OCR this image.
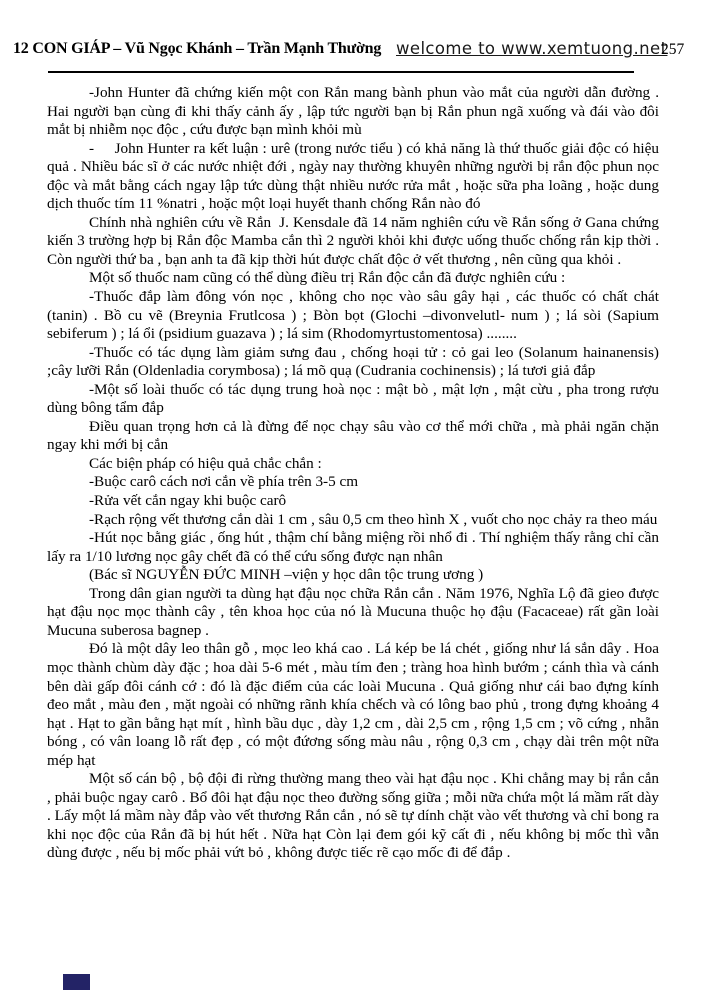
12 CON GIÁP – Vũ Ngọc Khánh – Trần Mạnh Thường welcome to www.xemtuong.net
257

-John Hunter đã chứng kiến một con Rắn mang bành phun vào mắt của người dẫn đường . Hai người bạn cùng đi khi thấy cảnh ấy , lập tức người bạn bị Rắn phun ngã xuống và đái vào đôi mắt bị nhiễm nọc độc , cứu được bạn mình khỏi mù

-     John Hunter ra kết luận : urê (trong nước tiểu ) có khả năng là thứ thuốc giải độc có hiệu quả . Nhiều bác sĩ ở các nước nhiệt đới , ngày nay thường khuyên những người bị rắn độc phun nọc độc và mắt bằng cách ngay lập tức dùng thật nhiều nước rửa mắt , hoặc sữa pha loãng , hoặc dung dịch thuốc tím 11 %natri , hoặc một loại huyết thanh chống Rắn nào đó

Chính nhà nghiên cứu về Rắn  J. Kensdale đã 14 năm nghiên cứu về Rắn sống ở Gana chứng kiến 3 trường hợp bị Rắn độc Mamba cắn thì 2 người khỏi khi được uống thuốc chống rắn kịp thời . Còn người thứ ba , bạn anh ta đã kịp thời hút được chất độc ở vết thương , nên cũng qua khỏi .

Một số thuốc nam cũng có thể dùng điều trị Rắn độc cắn đã được nghiên cứu :

-Thuốc đắp làm đông vón nọc , không cho nọc vào sâu gây hại , các thuốc có chất chát (tanin) . Bồ cu vẽ (Breynia Frutlcosa ) ; Bòn bọt (Glochi –divonvelutl- num ) ; lá sòi (Sapium sebiferum ) ; lá ổi (psidium guazava ) ; lá sim (Rhodomyrtustomentosa) ........

-Thuốc có tác dụng làm giảm sưng đau , chống hoại tử : cỏ gai leo (Solanum hainanensis) ;cây lưỡi Rắn (Oldenladia corymbosa) ; lá mõ quạ (Cudrania cochinensis) ; lá tươi giả đắp

-Một số loài thuốc có tác dụng trung hoà nọc : mật bò , mật lợn , mật cừu , pha trong rượu dùng bông tẩm đắp

Điều quan trọng hơn cả là đừng để nọc chạy sâu vào cơ thể mới chữa , mà phải ngăn chặn ngay khi mới bị cắn

Các biện pháp có hiệu quả chắc chắn :

-Buộc carô cách nơi cắn về phía trên 3-5 cm

-Rửa vết cắn ngay khi buộc carô

-Rạch rộng vết thương cắn dài 1 cm , sâu 0,5 cm theo hình X , vuốt cho nọc chảy ra theo máu

-Hút nọc bằng giác , ống hút , thậm chí bằng miệng rồi nhổ đi . Thí nghiệm thấy rằng chỉ cần lấy ra 1/10 lương nọc gây chết đã có thể cứu sống được nạn nhân

(Bác sĩ NGUYỄN ĐỨC MINH –viện y học dân tộc trung ương )

Trong dân gian người ta dùng hạt đậu nọc chữa Rắn cắn . Năm 1976, Nghĩa Lộ đã gieo được hạt đậu nọc mọc thành cây , tên khoa học của nó là Mucuna thuộc họ đậu (Facaceae) rất gần loài Mucuna suberosa bagnep .

Đó là một dây leo thân gỗ , mọc leo khá cao . Lá kép be lá chét , giống như lá sắn dây . Hoa mọc thành chùm dày đặc ; hoa dài 5-6 mét , màu tím đen ; tràng hoa hình bướm ; cánh thìa và cánh bên dài gấp đôi cánh cớ : đó là đặc điểm của các loài Mucuna . Quả giống như cái bao đựng kính đeo mắt , màu đen , mặt ngoài có những rãnh khía chếch và có lông bao phủ , trong đựng khoảng 4 hạt . Hạt to gần bằng hạt mít , hình bầu dục , dày 1,2 cm , dài 2,5 cm , rộng 1,5 cm ; võ cứng , nhẵn bóng , có vân loang lỗ rất đẹp , có một đứơng sống màu nâu , rộng 0,3 cm , chạy dài trên một nữa mép hạt

Một số cán bộ , bộ đội đi rừng thường mang theo vài hạt đậu nọc . Khi chẳng may bị rắn cắn , phải buộc ngay carô . Bổ đôi hạt đậu nọc theo đường sống giữa ; mỗi nữa chứa một lá mầm rất dày . Lấy một lá mầm này đắp vào vết thương Rắn cắn , nó sẽ tự dính chặt vào vết thương và chỉ bong ra khi nọc độc của Rắn đã bị hút hết . Nữa hạt Còn lại đem gói kỹ cất đi , nếu không bị mốc thì vẫn dùng được , nếu bị mốc phải vứt bỏ , không được tiếc rẽ cạo mốc đi để đắp .
